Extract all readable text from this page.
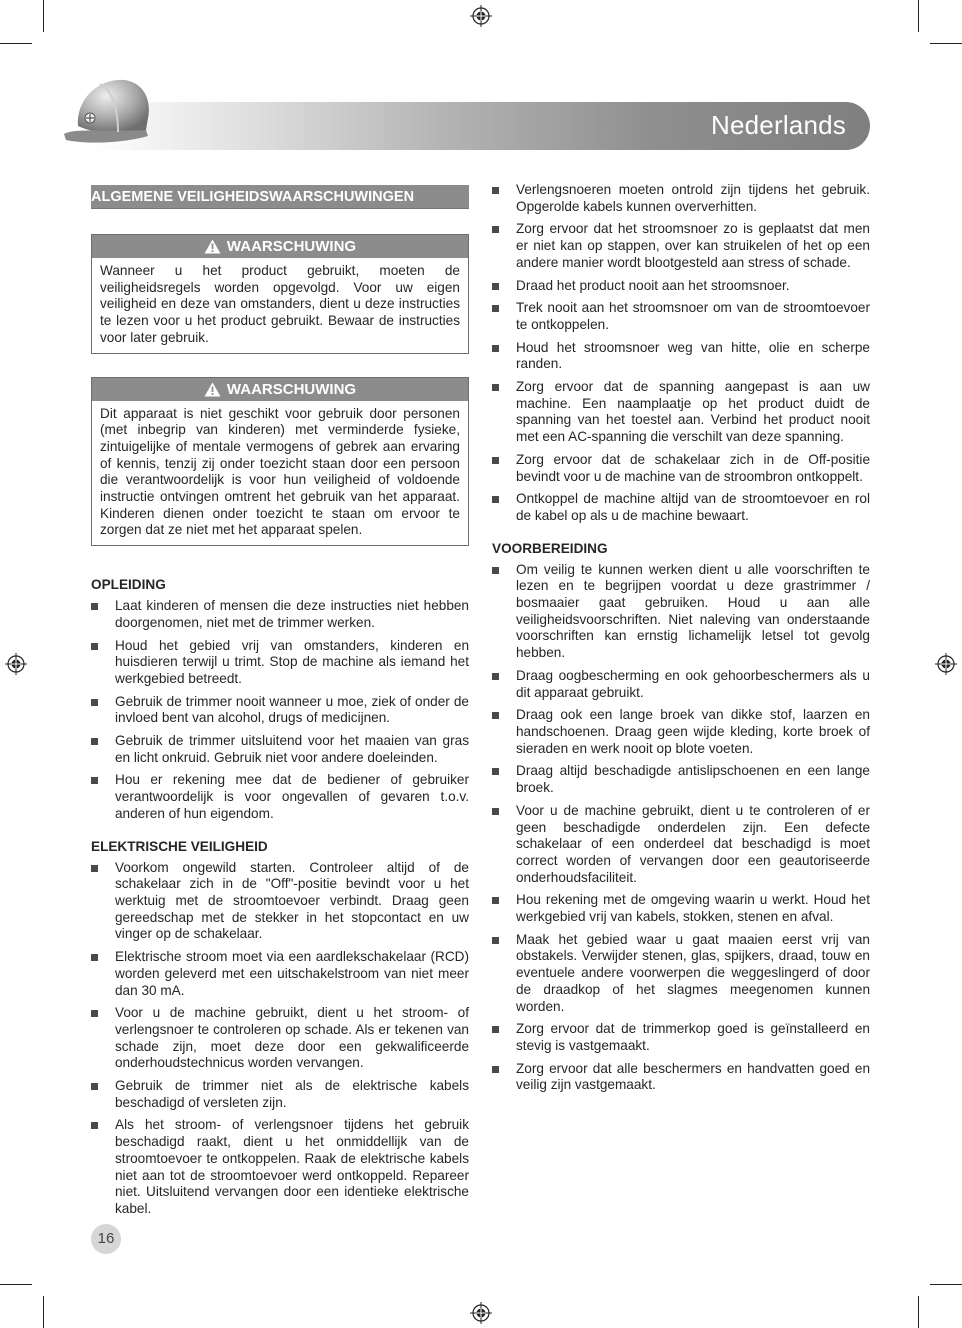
Nederlands
ALGEMENE VEILIGHEIDSWAARSCHUWINGEN
WAARSCHUWING
Wanneer u het product gebruikt, moeten de veiligheidsregels worden opgevolgd. Voor uw eigen veiligheid en deze van omstanders, dient u deze instructies te lezen voor u het product gebruikt. Bewaar de instructies voor later gebruik.
WAARSCHUWING
Dit apparaat is niet geschikt voor gebruik door personen (met inbegrip van kinderen) met verminderde fysieke, zintuigelijke of mentale vermogens of gebrek aan ervaring of kennis, tenzij zij onder toezicht staan door een persoon die verantwoordelijk is voor hun veiligheid of voldoende instructie ontvingen omtrent het gebruik van het apparaat. Kinderen dienen onder toezicht te staan om ervoor te zorgen dat ze niet met het apparaat spelen.
OPLEIDING
Laat kinderen of mensen die deze instructies niet hebben doorgenomen, niet met de trimmer werken.
Houd het gebied vrij van omstanders, kinderen en huisdieren terwijl u trimt. Stop de machine als iemand het werkgebied betreedt.
Gebruik de trimmer nooit wanneer u moe, ziek of onder de invloed bent van alcohol, drugs of medicijnen.
Gebruik de trimmer uitsluitend voor het maaien van gras en licht onkruid. Gebruik niet voor andere doeleinden.
Hou er rekening mee dat de bediener of gebruiker verantwoordelijk is voor ongevallen of gevaren t.o.v. anderen of hun eigendom.
ELEKTRISCHE VEILIGHEID
Voorkom ongewild starten. Controleer altijd of de schakelaar zich in de "Off"-positie bevindt voor u het werktuig met de stroomtoevoer verbindt. Draag geen gereedschap met de stekker in het stopcontact en uw vinger op de schakelaar.
Elektrische stroom moet via een aardlekschakelaar (RCD) worden geleverd met een uitschakelstroom van niet meer dan 30 mA.
Voor u de machine gebruikt, dient u het stroom- of verlengsnoer te controleren op schade. Als er tekenen van schade zijn, moet deze door een gekwalificeerde onderhoudstechnicus worden vervangen.
Gebruik de trimmer niet als de elektrische kabels beschadigd of versleten zijn.
Als het stroom- of verlengsnoer tijdens het gebruik beschadigd raakt, dient u het onmiddellijk van de stroomtoevoer te ontkoppelen. Raak de elektrische kabels niet aan tot de stroomtoevoer werd ontkoppeld. Repareer niet. Uitsluitend vervangen door een identieke elektrische kabel.
Verlengsnoeren moeten ontrold zijn tijdens het gebruik. Opgerolde kabels kunnen oververhitten.
Zorg ervoor dat het stroomsnoer zo is geplaatst dat men er niet kan op stappen, over kan struikelen of het op een andere manier wordt blootgesteld aan stress of schade.
Draad het product nooit aan het stroomsnoer.
Trek nooit aan het stroomsnoer om van de stroomtoevoer te ontkoppelen.
Houd het stroomsnoer weg van hitte, olie en scherpe randen.
Zorg ervoor dat de spanning aangepast is aan uw machine. Een naamplaatje op het product duidt de spanning van het toestel aan. Verbind het product nooit met een AC-spanning die verschilt van deze spanning.
Zorg ervoor dat de schakelaar zich in de Off-positie bevindt voor u de machine van de stroombron ontkoppelt.
Ontkoppel de machine altijd van de stroomtoevoer en rol de kabel op als u de machine bewaart.
VOORBEREIDING
Om veilig te kunnen werken dient u alle voorschriften te lezen en te begrijpen voordat u deze grastrimmer / bosmaaier gaat gebruiken. Houd u aan alle veiligheidsvoorschriften. Niet naleving van onderstaande voorschriften kan ernstig lichamelijk letsel tot gevolg hebben.
Draag oogbescherming en ook gehoorbeschermers als u dit apparaat gebruikt.
Draag ook een lange broek van dikke stof, laarzen en handschoenen. Draag geen wijde kleding, korte broek of sieraden en werk nooit op blote voeten.
Draag altijd beschadigde antislipschoenen en een lange broek.
Voor u de machine gebruikt, dient u te controleren of er geen beschadigde onderdelen zijn. Een defecte schakelaar of een onderdeel dat beschadigd is moet correct worden of vervangen door een geautoriseerde onderhoudsfaciliteit.
Hou rekening met de omgeving waarin u werkt. Houd het werkgebied vrij van kabels, stokken, stenen en afval.
Maak het gebied waar u gaat maaien eerst vrij van obstakels. Verwijder stenen, glas, spijkers, draad, touw en eventuele andere voorwerpen die weggeslingerd of door de draadkop of het slagmes meegenomen kunnen worden.
Zorg ervoor dat de trimmerkop goed is geïnstalleerd en stevig is vastgemaakt.
Zorg ervoor dat alle beschermers en handvatten goed en veilig zijn vastgemaakt.
16
